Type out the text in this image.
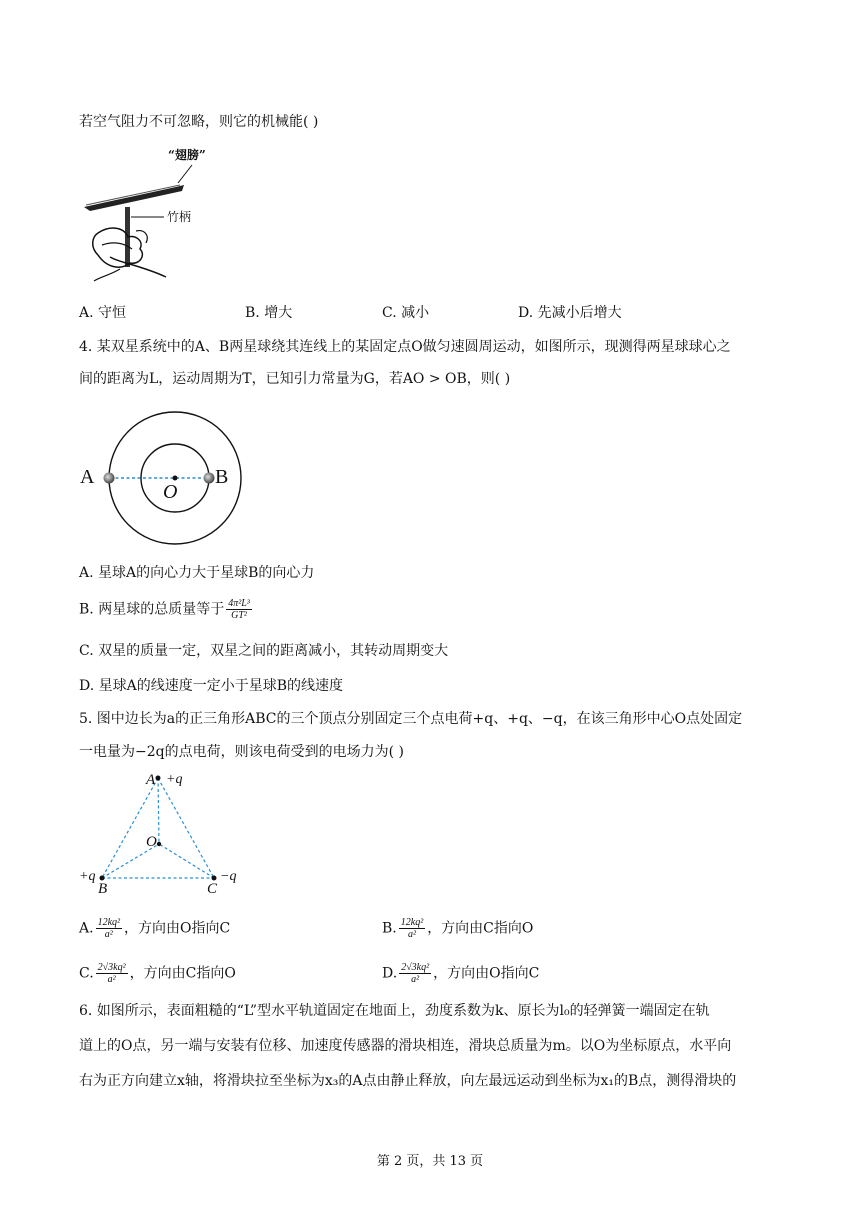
若空气阻力不可忽略，则它的机械能( )
“翅膀”
竹柄
A. 守恒	B. 增大	C. 减小	D. 先减小后增大
4. 某双星系统中的A、B两星球绕其连线上的某固定点O做匀速圆周运动，如图所示，现测得两星球球心之
间的距离为L，运动周期为T，已知引力常量为G，若AO > OB，则( )
A	B
O
A. 星球A的向心力大于星球B的向心力
B. 两星球的总质量等于 $\frac{\text{4π²L³}}{\text{GT²}}$
C. 双星的质量一定，双星之间的距离减小，其转动周期变大
D. 星球A的线速度一定小于星球B的线速度
5. 图中边长为a的正三角形ABC的三个顶点分别固定三个点电荷+q、+q、−q，在该三角形中心O点处固定
一电量为−2q的点电荷，则该电荷受到的电场力为( )
A +q
O
+q
B	C
−q
A. $\frac{\text{12kq²}}{\text{a²}}$ ，方向由O指向C	B. $\frac{\text{12kq²}}{\text{a²}}$ ，方向由C指向O
C. $\frac{\text{2√3kq²}}{\text{a²}}$ ，方向由C指向O	D. $\frac{\text{2√3kq²}}{\text{a²}}$ ，方向由O指向C
6. 如图所示，表面粗糙的“L”型水平轨道固定在地面上，劲度系数为k、原长为l₀的轻弹簧一端固定在轨
道上的O点，另一端与安装有位移、加速度传感器的滑块相连，滑块总质量为m。以O为坐标原点，水平向
右为正方向建立x轴，将滑块拉至坐标为x₃的A点由静止释放，向左最远运动到坐标为x₁的B点，测得滑块的
第 2 页，共 13 页
